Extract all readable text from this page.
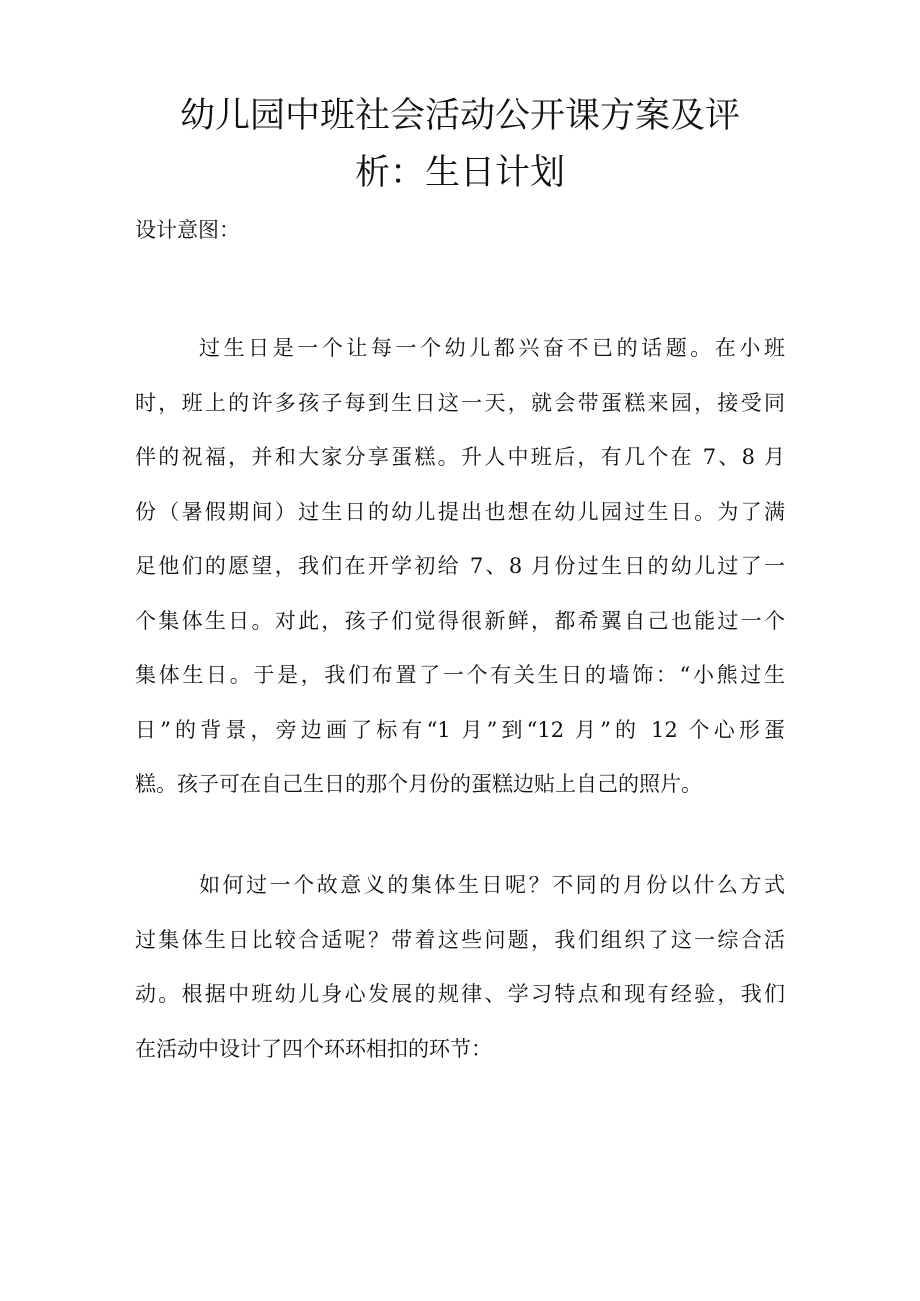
幼儿园中班社会活动公开课方案及评
析：生日计划

设计意图：

过生日是一个让每一个幼儿都兴奋不已的话题。在小班
时，班上的许多孩子每到生日这一天，就会带蛋糕来园，接受同
伴的祝福，并和大家分享蛋糕。升人中班后，有几个在 7、8 月
份（暑假期间）过生日的幼儿提出也想在幼儿园过生日。为了满
足他们的愿望，我们在开学初给 7、8 月份过生日的幼儿过了一
个集体生日。对此，孩子们觉得很新鲜，都希翼自己也能过一个
集体生日。于是，我们布置了一个有关生日的墙饰：“小熊过生
日”的背景，旁边画了标有“1 月”到“12 月”的 12 个心形蛋
糕。孩子可在自己生日的那个月份的蛋糕边贴上自己的照片。
如何过一个故意义的集体生日呢？不同的月份以什么方式
过集体生日比较合适呢？带着这些问题，我们组织了这一综合活
动。根据中班幼儿身心发展的规律、学习特点和现有经验，我们
在活动中设计了四个环环相扣的环节：
